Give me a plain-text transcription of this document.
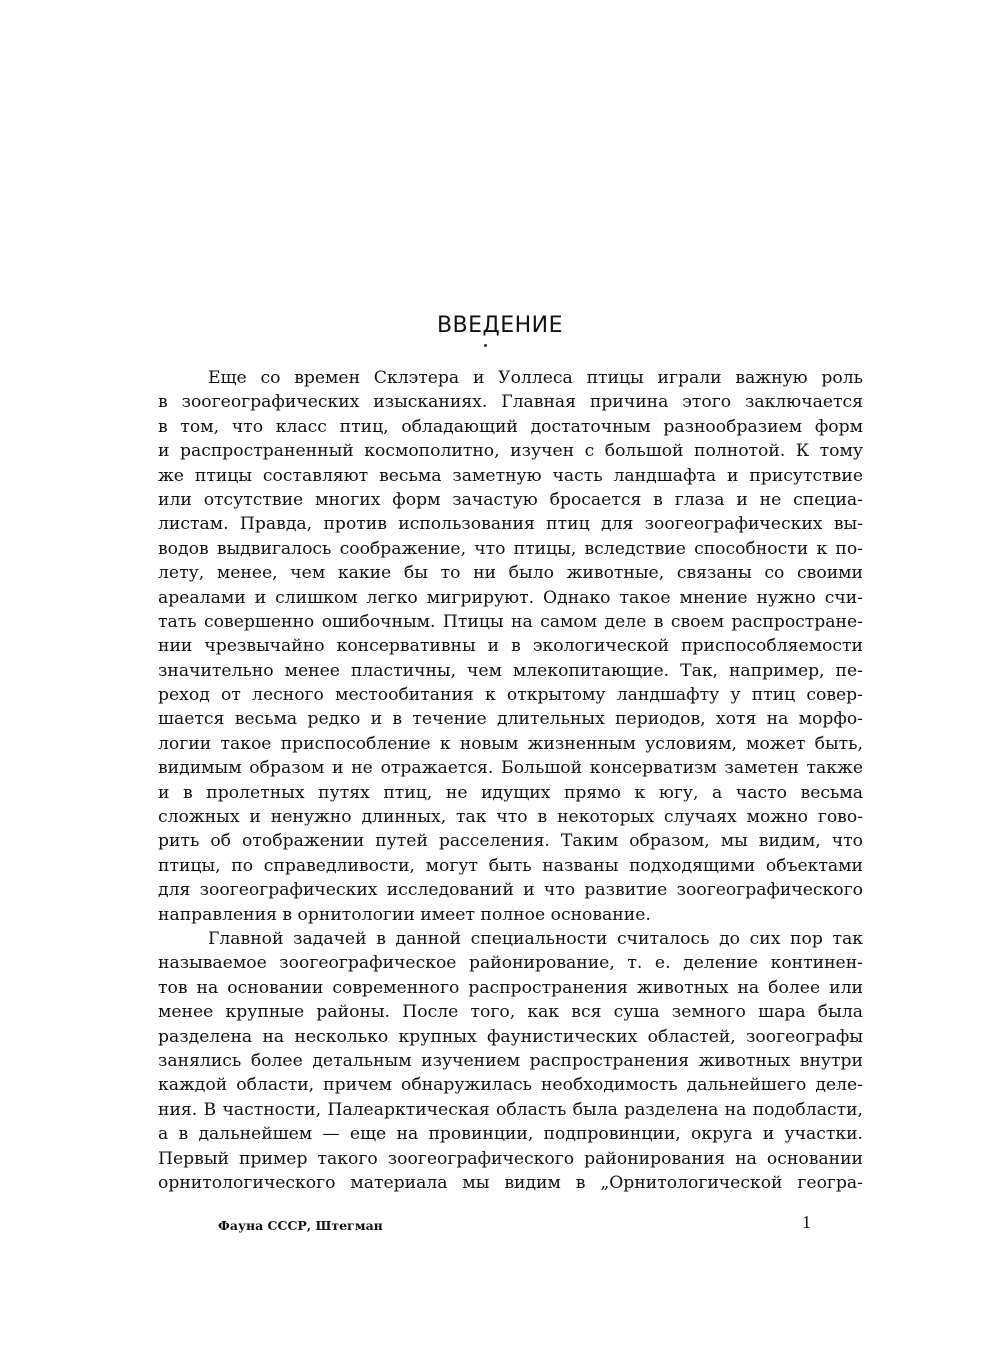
ВВЕДЕНИЕ
Еще со времен Склэтера и Уоллеса птицы играли важную роль
в зоогеографических изысканиях. Главная причина этого заключается
в том, что класс птиц, обладающий достаточным разнообразием форм
и распространенный космополитно, изучен с большой полнотой. К тому
же птицы составляют весьма заметную часть ландшафта и присутствие
или отсутствие многих форм зачастую бросается в глаза и не специа-
листам. Правда, против использования птиц для зоогеографических вы-
водов выдвигалось соображение, что птицы, вследствие способности к по-
лету, менее, чем какие бы то ни было животные, связаны со своими
ареалами и слишком легко мигрируют. Однако такое мнение нужно счи-
тать совершенно ошибочным. Птицы на самом деле в своем распростране-
нии чрезвычайно консервативны и в экологической приспособляемости
значительно менее пластичны, чем млекопитающие. Так, например, пе-
реход от лесного местообитания к открытому ландшафту у птиц совер-
шается весьма редко и в течение длительных периодов, хотя на морфо-
логии такое приспособление к новым жизненным условиям, может быть,
видимым образом и не отражается. Большой консерватизм заметен также
и в пролетных путях птиц, не идущих прямо к югу, а часто весьма
сложных и ненужно длинных, так что в некоторых случаях можно гово-
рить об отображении путей расселения. Таким образом, мы видим, что
птицы, по справедливости, могут быть названы подходящими объектами
для зоогеографических исследований и что развитие зоогеографического
направления в орнитологии имеет полное основание.
Главной задачей в данной специальности считалось до сих пор так
называемое зоогеографическое районирование, т. е. деление континен-
тов на основании современного распространения животных на более или
менее крупные районы. После того, как вся суша земного шара была
разделена на несколько крупных фаунистических областей, зоогеографы
занялись более детальным изучением распространения животных внутри
каждой области, причем обнаружилась необходимость дальнейшего деле-
ния. В частности, Палеарктическая область была разделена на подобласти,
а в дальнейшем — еще на провинции, подпровинции, округа и участки.
Первый пример такого зоогеографического районирования на основании
орнитологического материала мы видим в „Орнитологической геогра-
Фауна СССР, Штегман	1
